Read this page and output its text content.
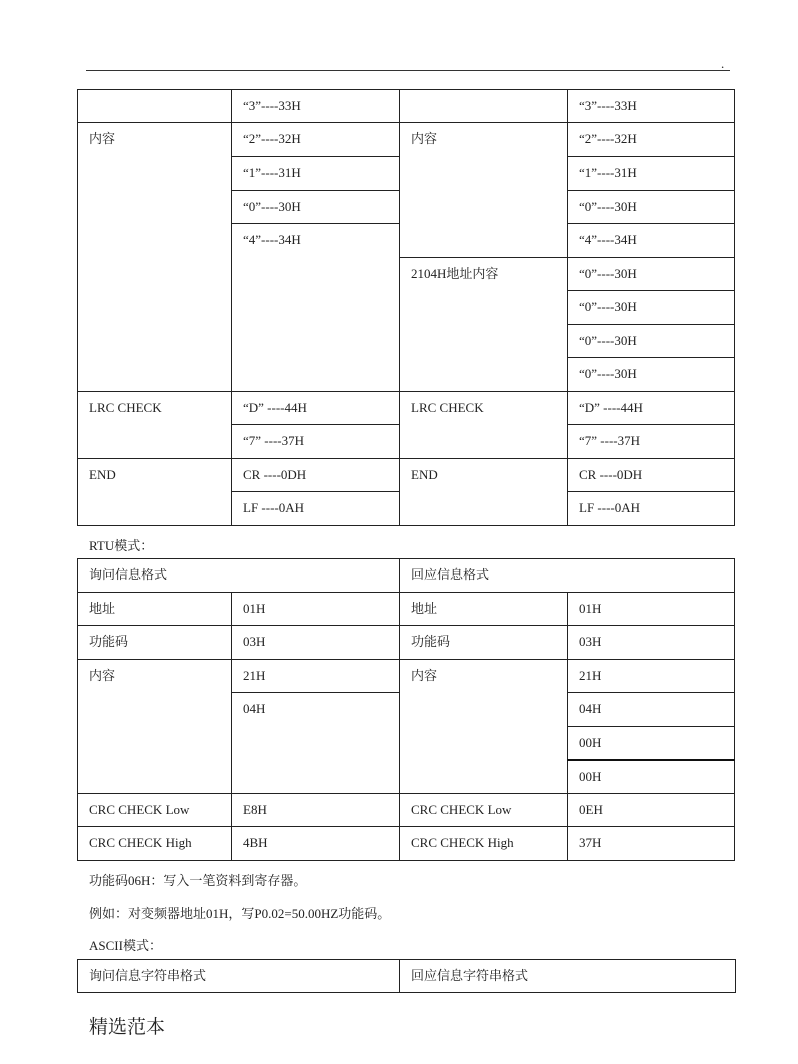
.

	“3”----33H		“3”----33H

内容	“2”----32H	内容	“2”----32H

	“1”----31H		“1”----31H

	“0”----30H		“0”----30H

	“4”----34H		“4”----34H

		2104H地址内容	“0”----30H

			“0”----30H

			“0”----30H

			“0”----30H

LRC CHECK	“D” ----44H	LRC CHECK	“D” ----44H

	“7” ----37H		“7” ----37H

END	CR ----0DH	END	CR ----0DH

	LF ----0AH		LF ----0AH
RTU模式：
询问信息格式		回应信息格式	

地址	01H	地址	01H

功能码	03H	功能码	03H

内容	21H	内容	21H

	04H		04H

			00H

			00H

CRC CHECK Low	E8H	CRC CHECK Low	0EH

CRC CHECK High	4BH	CRC CHECK High	37H
功能码06H：写入一笔资料到寄存器。
例如：对变频器地址01H，写P0.02=50.00HZ功能码。
ASCII模式：
询问信息字符串格式	回应信息字符串格式
精选范本
